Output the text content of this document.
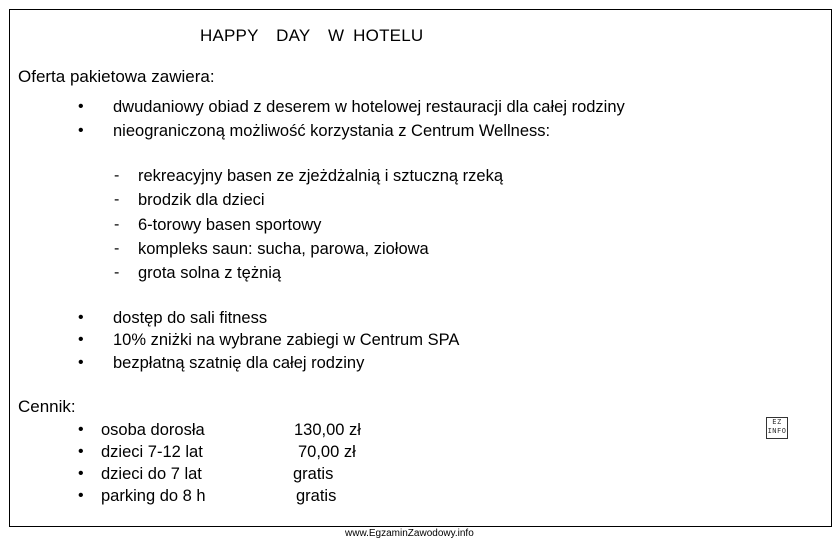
HAPPY  DAY  W HOTELU
Oferta pakietowa zawiera:
• dwudaniowy obiad z deserem w hotelowej restauracji dla całej rodziny
• nieograniczoną możliwość korzystania z Centrum Wellness:
- rekreacyjny basen ze zjeżdżalnią i sztuczną rzeką
- brodzik dla dzieci
- 6-torowy basen sportowy
- kompleks saun: sucha, parowa, ziołowa
- grota solna z tężnią
• dostęp do sali fitness
• 10% zniżki na wybrane zabiegi w Centrum SPA
• bezpłatną szatnię dla całej rodziny
Cennik:
• osoba dorosła	130,00 zł
• dzieci 7-12 lat	70,00 zł
• dzieci do 7 lat	gratis
• parking do 8 h	gratis
EZ INFO
www.EgzaminZawodowy.info
